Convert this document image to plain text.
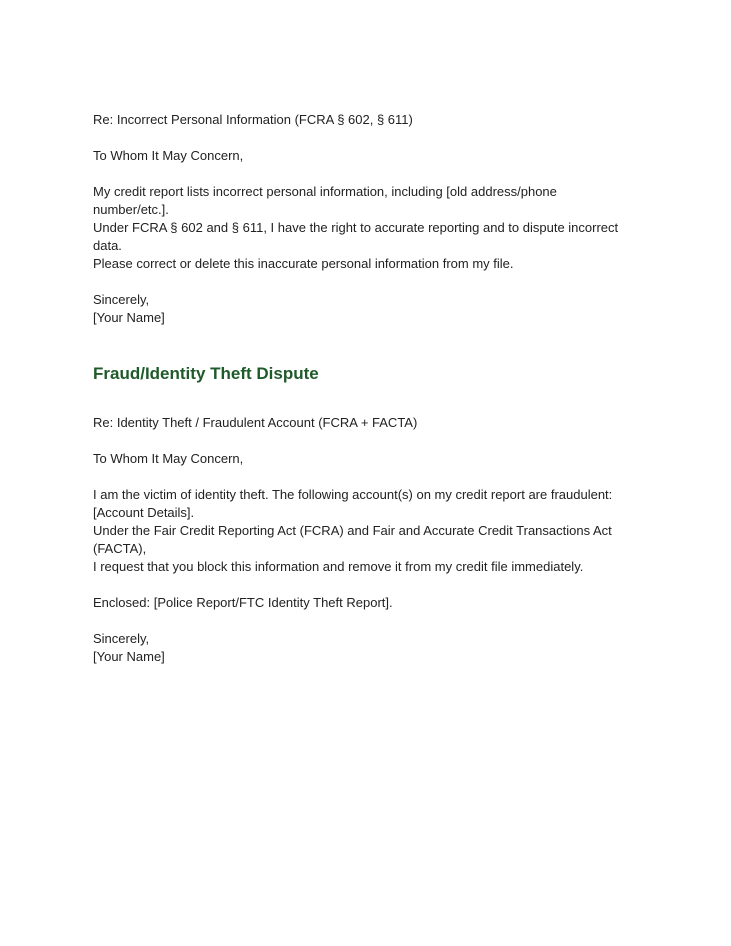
Re: Incorrect Personal Information (FCRA § 602, § 611)
To Whom It May Concern,
My credit report lists incorrect personal information, including [old address/phone
number/etc.].
Under FCRA § 602 and § 611, I have the right to accurate reporting and to dispute incorrect
data.
Please correct or delete this inaccurate personal information from my file.
Sincerely,
[Your Name]
Fraud/Identity Theft Dispute
Re: Identity Theft / Fraudulent Account (FCRA + FACTA)
To Whom It May Concern,
I am the victim of identity theft. The following account(s) on my credit report are fraudulent:
[Account Details].
Under the Fair Credit Reporting Act (FCRA) and Fair and Accurate Credit Transactions Act
(FACTA),
I request that you block this information and remove it from my credit file immediately.
Enclosed: [Police Report/FTC Identity Theft Report].
Sincerely,
[Your Name]
